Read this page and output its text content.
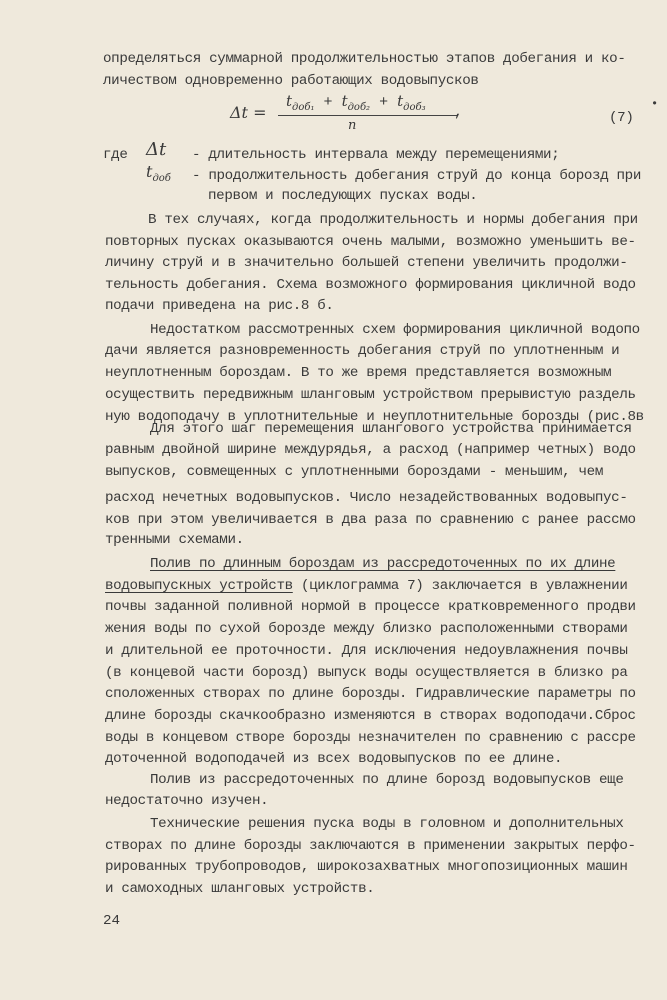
определяться суммарной продолжительностью этапов добегания и ко-
личеством одновременно работающих водовыпусков
Δt =
$t_{доб_1} + t_{доб_2} + t_{доб_3}$
n
,	(7)
•
где Δt - длительность интервала между перемещениями;
$t_{доб}$ - продолжительность добегания струй до конца борозд при
первом и последующих пусках воды.
В тех случаях, когда продолжительность и нормы добегания при
повторных пусках оказываются очень малыми, возможно уменьшить ве-
личину струй и в значительно большей степени увеличить продолжи-
тельность добегания. Схема возможного формирования цикличной водо
подачи приведена на рис.8 б.
Недостатком рассмотренных схем формирования цикличной водопо
дачи является разновременность добегания струй по уплотненным и
неуплотненным бороздам. В то же время представляется возможным
осуществить передвижным шланговым устройством прерывистую раздель
ную водоподачу в уплотнительные и неуплотнительные борозды (рис.8в
Для этого шаг перемещения шлангового устройства принимается
равным двойной ширине междурядья, а расход (например четных) водо
выпусков, совмещенных с уплотненными бороздами - меньшим, чем
расход нечетных водовыпусков. Число незадействованных водовыпус-
ков при этом увеличивается в два раза по сравнению с ранее рассмо
тренными схемами.
Полив по длинным бороздам из рассредоточенных по их длине
водовыпускных устройств (циклограмма 7) заключается в увлажнении
почвы заданной поливной нормой в процессе кратковременного продви
жения воды по сухой борозде между близко расположенными створами
и длительной ее проточности. Для исключения недоувлажнения почвы
(в концевой части борозд) выпуск воды осуществляется в близко ра
сположенных створах по длине борозды. Гидравлические параметры по
длине борозды скачкообразно изменяются в створах водоподачи.Сброс
воды в концевом створе борозды незначителен по сравнению с рассре
доточенной водоподачей из всех водовыпусков по ее длине.
Полив из рассредоточенных по длине борозд водовыпусков еще
недостаточно изучен.
Технические решения пуска воды в головном и дополнительных
створах по длине борозды заключаются в применении закрытых перфо-
рированных трубопроводов, широкозахватных многопозиционных машин
и самоходных шланговых устройств.
24
